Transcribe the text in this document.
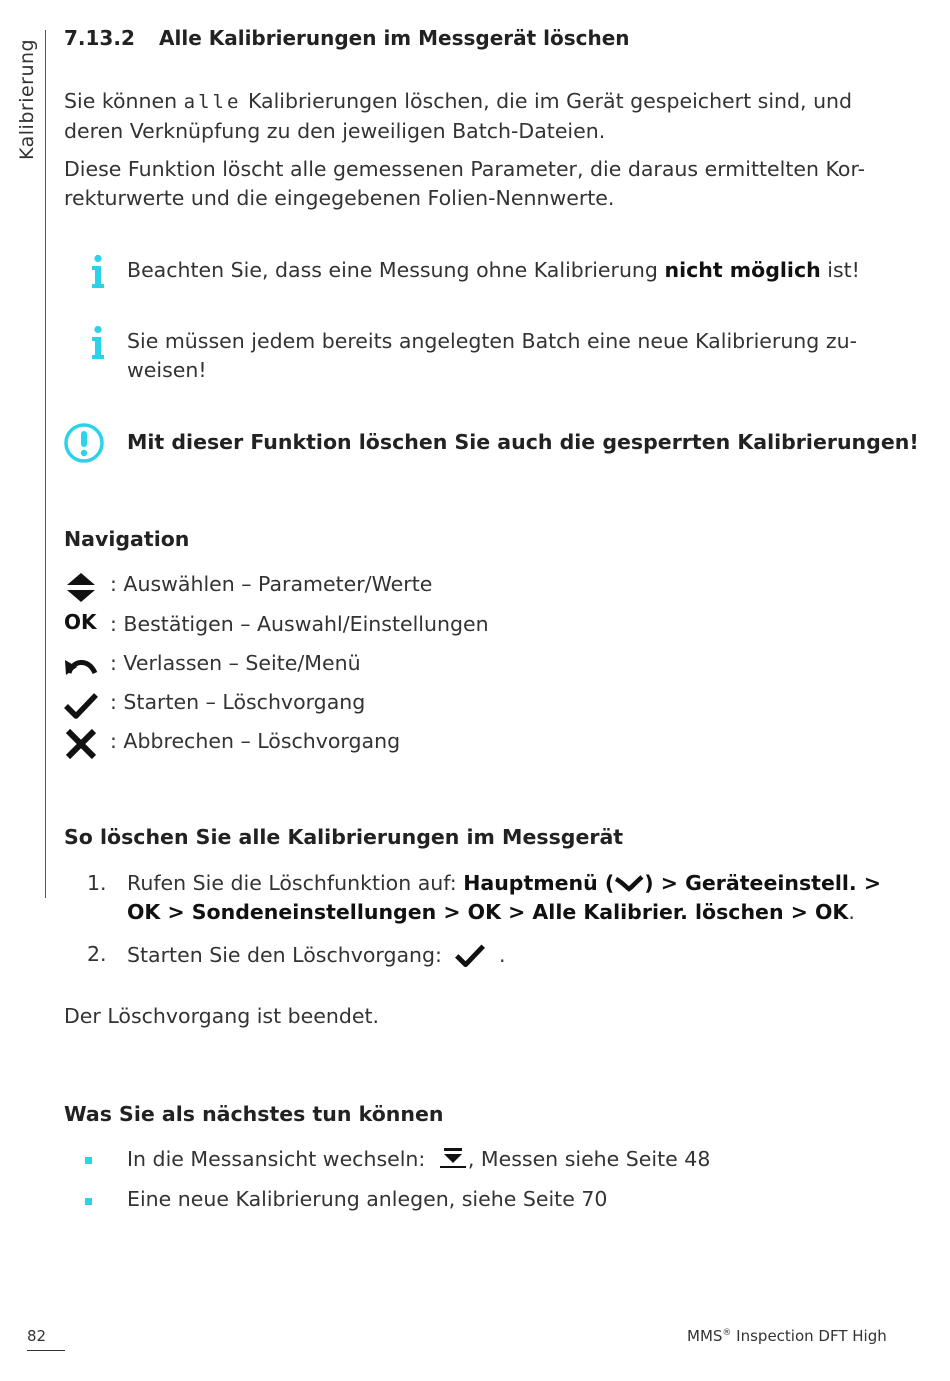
Kalibrierung
7.13.2 Alle Kalibrierungen im Messgerät löschen

Sie können alle Kalibrierungen löschen, die im Gerät gespeichert sind, und deren Verknüpfung zu den jeweiligen Batch-Dateien.

Diese Funktion löscht alle gemessenen Parameter, die daraus ermittelten Kor-rekturwerte und die eingegebenen Folien-Nennwerte.

Beachten Sie, dass eine Messung ohne Kalibrierung nicht möglich ist!
Sie müssen jedem bereits angelegten Batch eine neue Kalibrierung zu-weisen!
Mit dieser Funktion löschen Sie auch die gesperrten Kalibrierungen!
Navigation
: Auswählen – Parameter/Werte
OK : Bestätigen – Auswahl/Einstellungen
: Verlassen – Seite/Menü
: Starten – Löschvorgang
: Abbrechen – Löschvorgang
So löschen Sie alle Kalibrierungen im Messgerät
1. Rufen Sie die Löschfunktion auf: Hauptmenü ( ) > Geräteeinstell. > OK > Sondeneinstellungen > OK > Alle Kalibrier. löschen > OK.
2. Starten Sie den Löschvorgang:	.

Der Löschvorgang ist beendet.

Was Sie als nächstes tun können
In die Messansicht wechseln: , Messen siehe Seite 48
Eine neue Kalibrierung anlegen, siehe Seite 70
82	MMS® Inspection DFT High
